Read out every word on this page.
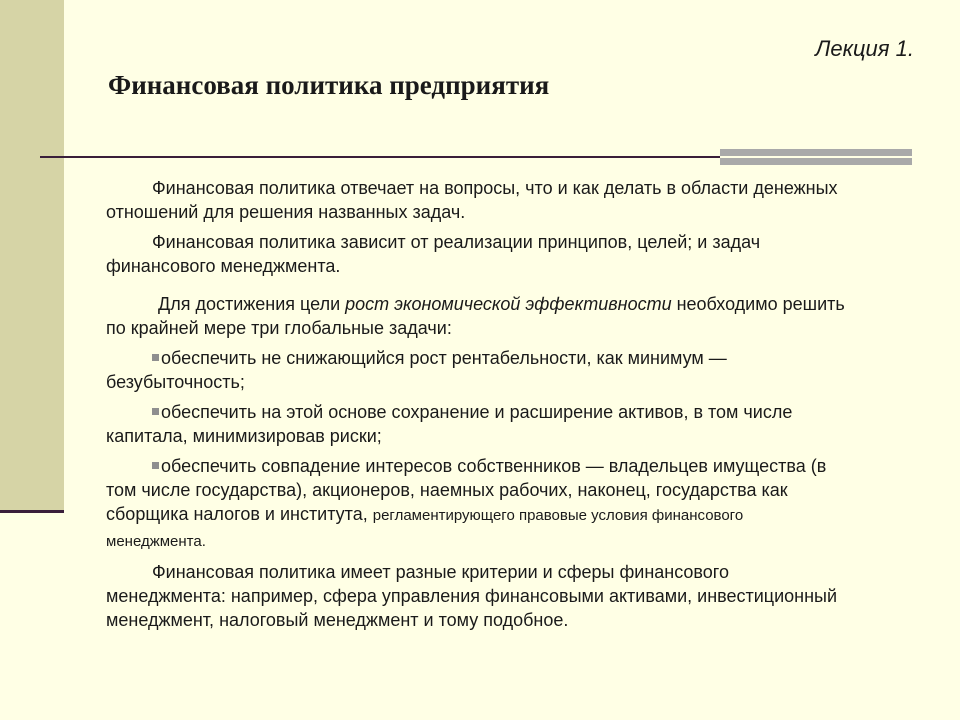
Лекция 1.
Финансовая политика предприятия

Финансовая политика отвечает на вопросы, что и как делать в области денежных отношений для решения названных задач.

Финансовая политика зависит от реализации принципов, целей; и задач финансового менеджмента.

Для достижения цели рост экономической эффективности необходимо решить по крайней мере три глобальные задачи:

обеспечить не снижающийся рост рентабельности, как минимум — безубыточность;

обеспечить на этой основе сохранение и расширение активов, в том числе капитала, минимизировав риски;

обеспечить совпадение интересов собственников — владельцев имущества (в том числе государства), акционеров, наемных рабочих, наконец, государства как сборщика налогов и института, регламентирующего правовые условия финансового менеджмента.

Финансовая политика имеет разные критерии и сферы финансового менеджмента: например, сфера управления финансовыми активами, инвестиционный менеджмент, налоговый менеджмент и тому подобное.
